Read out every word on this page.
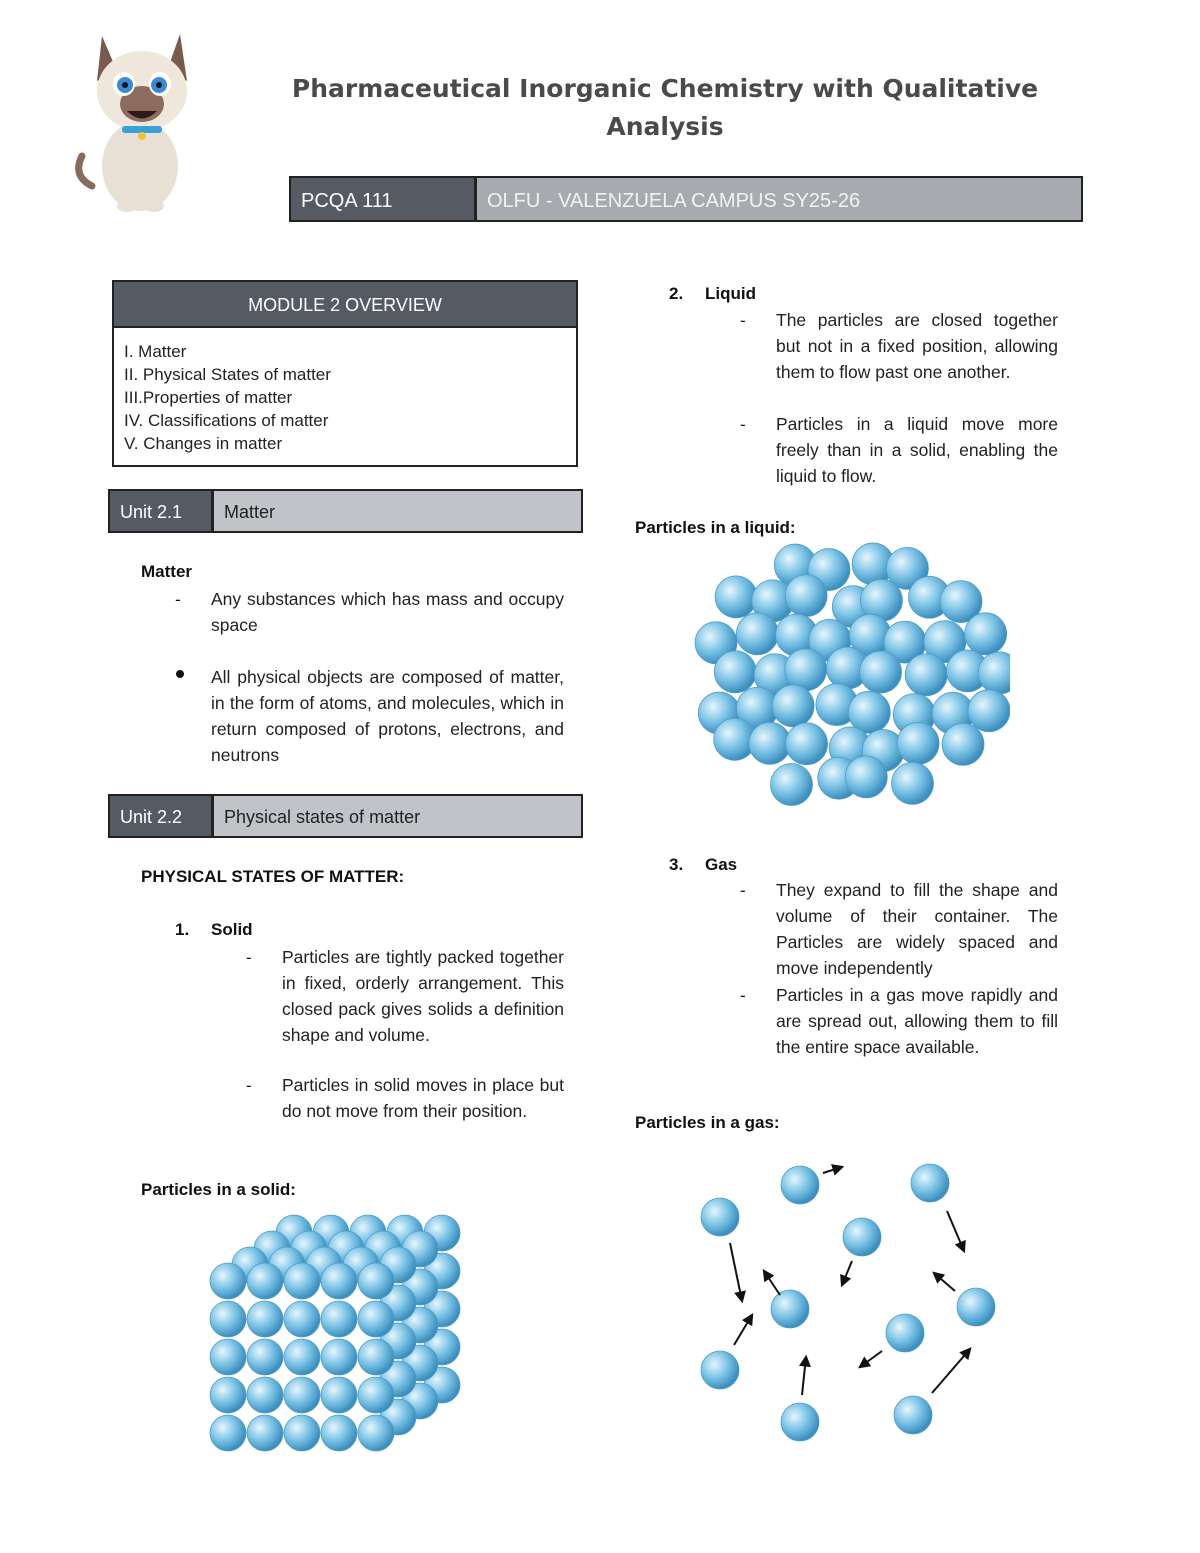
Pharmaceutical Inorganic Chemistry with Qualitative Analysis
PCQA 111	OLFU - VALENZUELA CAMPUS SY25-26
MODULE 2 OVERVIEW
I. Matter
II. Physical States of matter
III.Properties of matter
IV. Classifications of matter
V. Changes in matter
Unit 2.1	Matter
Matter
- Any substances which has mass and occupy space
All physical objects are composed of matter, in the form of atoms, and molecules, which in return composed of protons, electrons, and neutrons
Unit 2.2	Physical states of matter
PHYSICAL STATES OF MATTER:
1. Solid
- Particles are tightly packed together in fixed, orderly arrangement. This closed pack gives solids a definition shape and volume.
- Particles in solid moves in place but do not move from their position.
Particles in a solid:
2. Liquid
- The particles are closed together but not in a fixed position, allowing them to flow past one another.
- Particles in a liquid move more freely than in a solid, enabling the liquid to flow.
Particles in a liquid:
3. Gas
- They expand to fill the shape and volume of their container. The Particles are widely spaced and move independently
- Particles in a gas move rapidly and are spread out, allowing them to fill the entire space available.
Particles in a gas:
